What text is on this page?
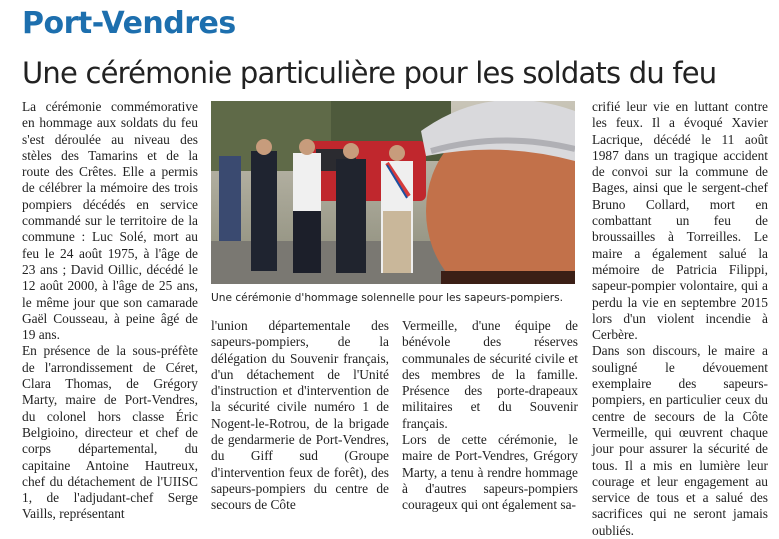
Port-Vendres
Une cérémonie particulière pour les soldats du feu

La cérémonie commémorative en hommage aux soldats du feu s'est déroulée au niveau des stèles des Tamarins et de la route des Crêtes. Elle a permis de célébrer la mémoire des trois pompiers décédés en service commandé sur le territoire de la commune : Luc Solé, mort au feu le 24 août 1975, à l'âge de 23 ans ; David Oillic, décédé le 12 août 2000, à l'âge de 25 ans, le même jour que son camarade Gaël Cousseau, à peine âgé de 19 ans.

En présence de la sous-préfète de l'arrondissement de Céret, Clara Thomas, de Grégory Marty, maire de Port-Vendres, du colonel hors classe Éric Belgioino, directeur et chef de corps départemental, du capitaine Antoine Hautreux, chef du détachement de l'UIISC 1, de l'adjudant-chef Serge Vaills, représentant

Une cérémonie d'hommage solennelle pour les sapeurs-pompiers.

l'union départementale des sapeurs-pompiers, de la délégation du Souvenir français, d'un détachement de l'Unité d'instruction et d'intervention de la sécurité civile numéro 1 de Nogent-le-Rotrou, de la brigade de gendarmerie de Port-Vendres, du Giff sud (Groupe d'intervention feux de forêt), des sapeurs-pompiers du centre de secours de Côte

Vermeille, d'une équipe de bénévole des réserves communales de sécurité civile et des membres de la famille. Présence des porte-drapeaux militaires et du Souvenir français.

Lors de cette cérémonie, le maire de Port-Vendres, Grégory Marty, a tenu à rendre hommage à d'autres sapeurs-pompiers courageux qui ont également sa-

crifié leur vie en luttant contre les feux. Il a évoqué Xavier Lacrique, décédé le 11 août 1987 dans un tragique accident de convoi sur la commune de Bages, ainsi que le sergent-chef Bruno Collard, mort en combattant un feu de broussailles à Torreilles. Le maire a également salué la mémoire de Patricia Filippi, sapeur-pompier volontaire, qui a perdu la vie en septembre 2015 lors d'un violent incendie à Cerbère.

Dans son discours, le maire a souligné le dévouement exemplaire des sapeurs-pompiers, en particulier ceux du centre de secours de la Côte Vermeille, qui œuvrent chaque jour pour assurer la sécurité de tous. Il a mis en lumière leur courage et leur engagement au service de tous et a salué des sacrifices qui ne seront jamais oubliés.
